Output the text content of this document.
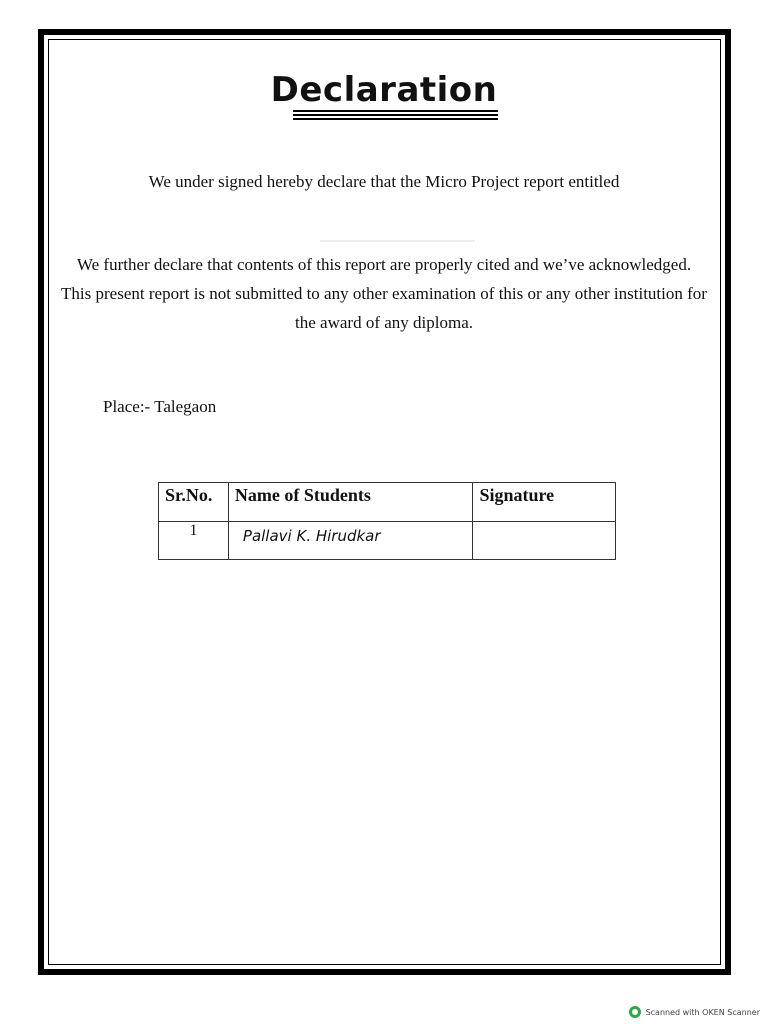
Declaration

We under signed hereby declare that the Micro Project report entitled

We further declare that contents of this report are properly cited and we’ve acknowledged. This present report is not submitted to any other examination of this or any other institution for the award of any diploma.

Place:- Talegaon

Sr.No.	Name of Students	Signature
1	Pallavi K. Hirudkar	
Scanned with OKEN Scanner
